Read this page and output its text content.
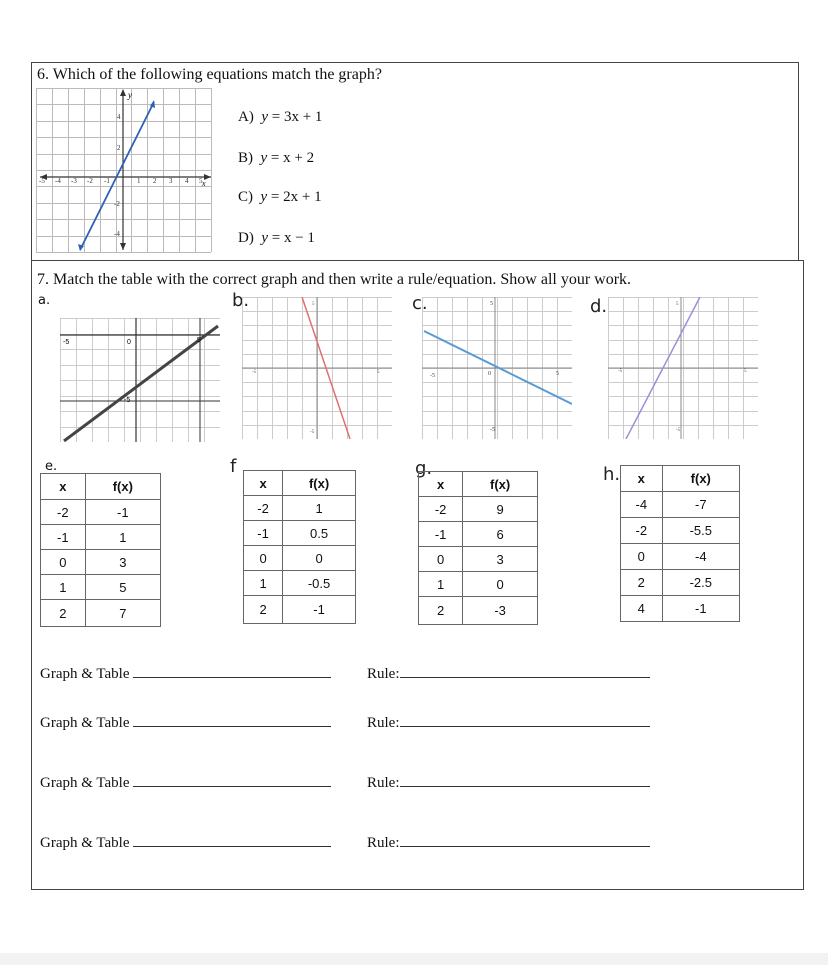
6. Which of the following equations match the graph?
y
x
-5 -4 -3 -2 -1	1 2 3 4 5
4
2
-2
-4
A) y = 3x + 1
B) y = x + 2
C) y = 2x + 1
D) y = x − 1
7. Match the table with the correct graph and then write a rule/equation. Show all your work.
a.	b.	c.	d.
-5	0	5
-5
5
5
-5
-5
5
-5	0	5
-5
5
-5	5
-5
e.	f	g.	h.
x	f(x)
-2	-1
-1	1
0	3
1	5
2	7
x	f(x)
-2	1
-1	0.5
0	0
1	-0.5
2	-1
x	f(x)
-2	9
-1	6
0	3
1	0
2	-3
x	f(x)
-4	-7
-2	-5.5
0	-4
2	-2.5
4	-1
Graph & Table	Rule:
Graph & Table	Rule:
Graph & Table	Rule:
Graph & Table	Rule:
